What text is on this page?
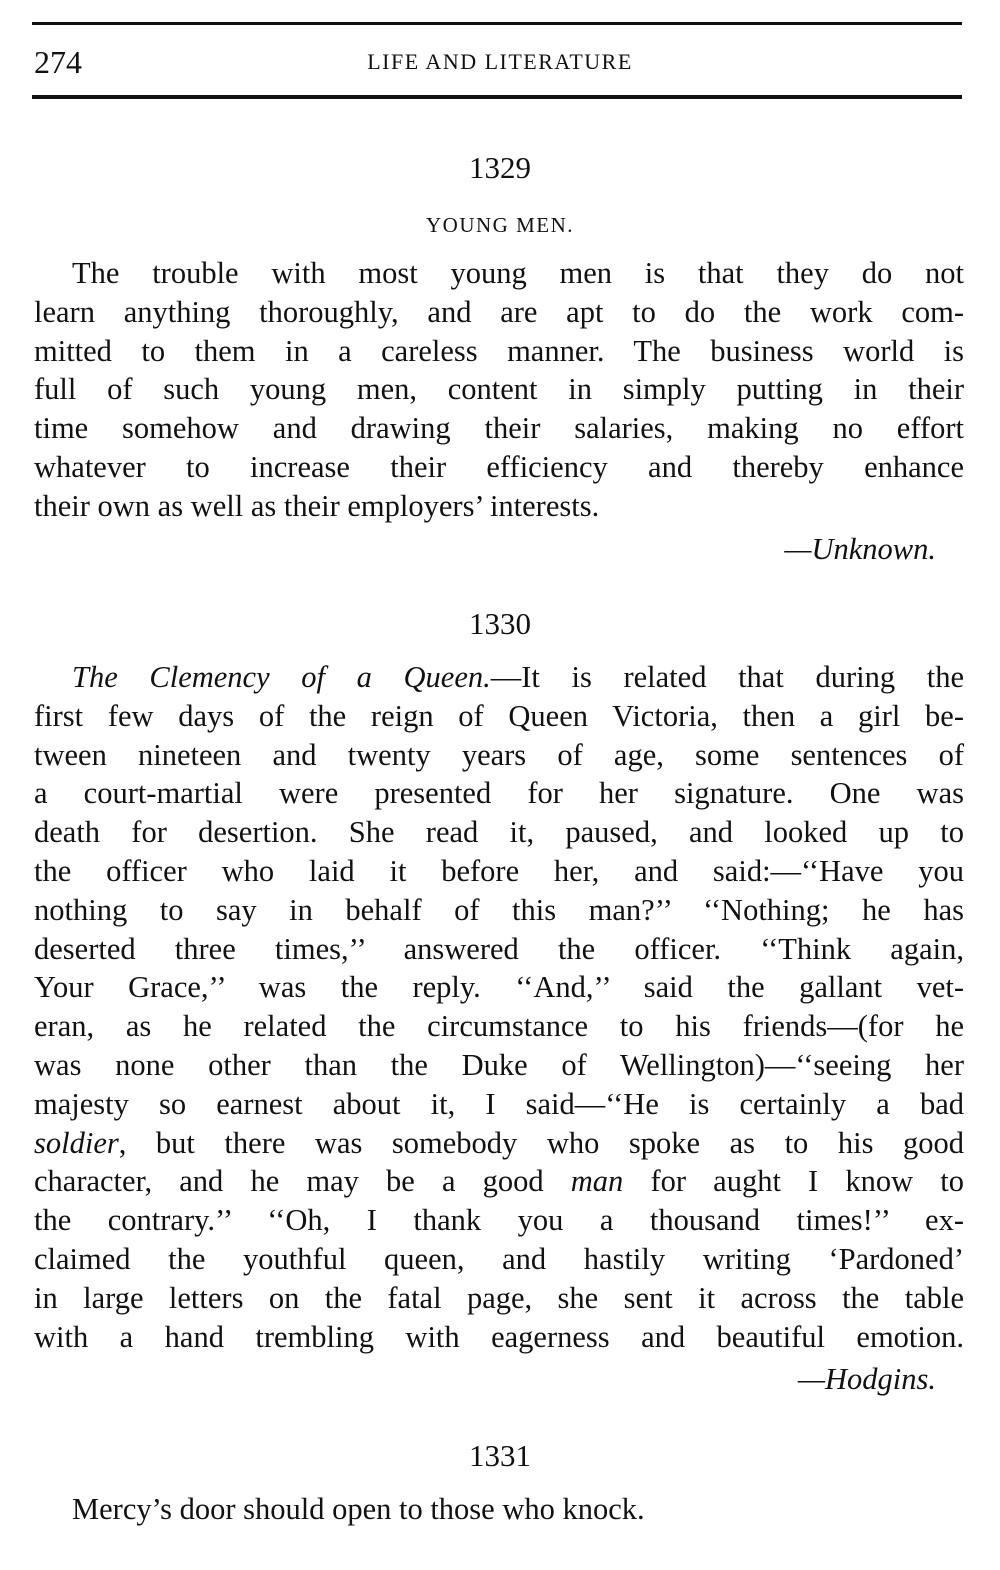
274	LIFE AND LITERATURE
1329
YOUNG MEN.
The trouble with most young men is that they do not
learn anything thoroughly, and are apt to do the work com-
mitted to them in a careless manner. The business world is
full of such young men, content in simply putting in their
time somehow and drawing their salaries, making no effort
whatever to increase their efficiency and thereby enhance
their own as well as their employers’ interests.
—Unknown.
1330
The Clemency of a Queen.—It is related that during the
first few days of the reign of Queen Victoria, then a girl be-
tween nineteen and twenty years of age, some sentences of
a court-martial were presented for her signature. One was
death for desertion. She read it, paused, and looked up to
the officer who laid it before her, and said:—‘‘Have you
nothing to say in behalf of this man?’’ ‘‘Nothing; he has
deserted three times,’’ answered the officer. ‘‘Think again,
Your Grace,’’ was the reply. ‘‘And,’’ said the gallant vet-
eran, as he related the circumstance to his friends—(for he
was none other than the Duke of Wellington)—‘‘seeing her
majesty so earnest about it, I said—‘‘He is certainly a bad
soldier, but there was somebody who spoke as to his good
character, and he may be a good man for aught I know to
the contrary.’’ ‘‘Oh, I thank you a thousand times!’’ ex-
claimed the youthful queen, and hastily writing ‘Pardoned’
in large letters on the fatal page, she sent it across the table
with a hand trembling with eagerness and beautiful emotion.
—Hodgins.
1331
Mercy’s door should open to those who knock.
